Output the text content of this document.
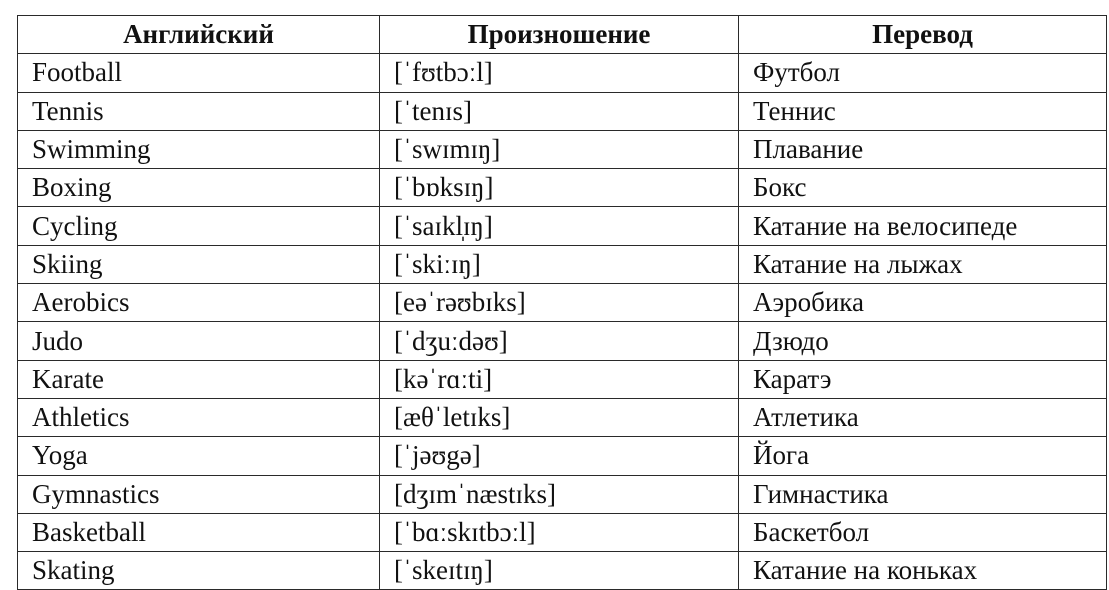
Английский	Произношение	Перевод
Football	[ˈfʊtbɔːl]	Футбол
Tennis	[ˈtenɪs]	Теннис
Swimming	[ˈswɪmɪŋ]	Плавание
Boxing	[ˈbɒksɪŋ]	Бокс
Cycling	[ˈsaɪkl̩ɪŋ]	Катание на велосипеде
Skiing	[ˈskiːɪŋ]	Катание на лыжах
Aerobics	[eəˈrəʊbɪks]	Аэробика
Judo	[ˈdʒuːdəʊ]	Дзюдо
Karate	[kəˈrɑːti]	Каратэ
Athletics	[æθˈletɪks]	Атлетика
Yoga	[ˈjəʊgə]	Йога
Gymnastics	[dʒɪmˈnæstɪks]	Гимнастика
Basketball	[ˈbɑːskɪtbɔːl]	Баскетбол
Skating	[ˈskeɪtɪŋ]	Катание на коньках
